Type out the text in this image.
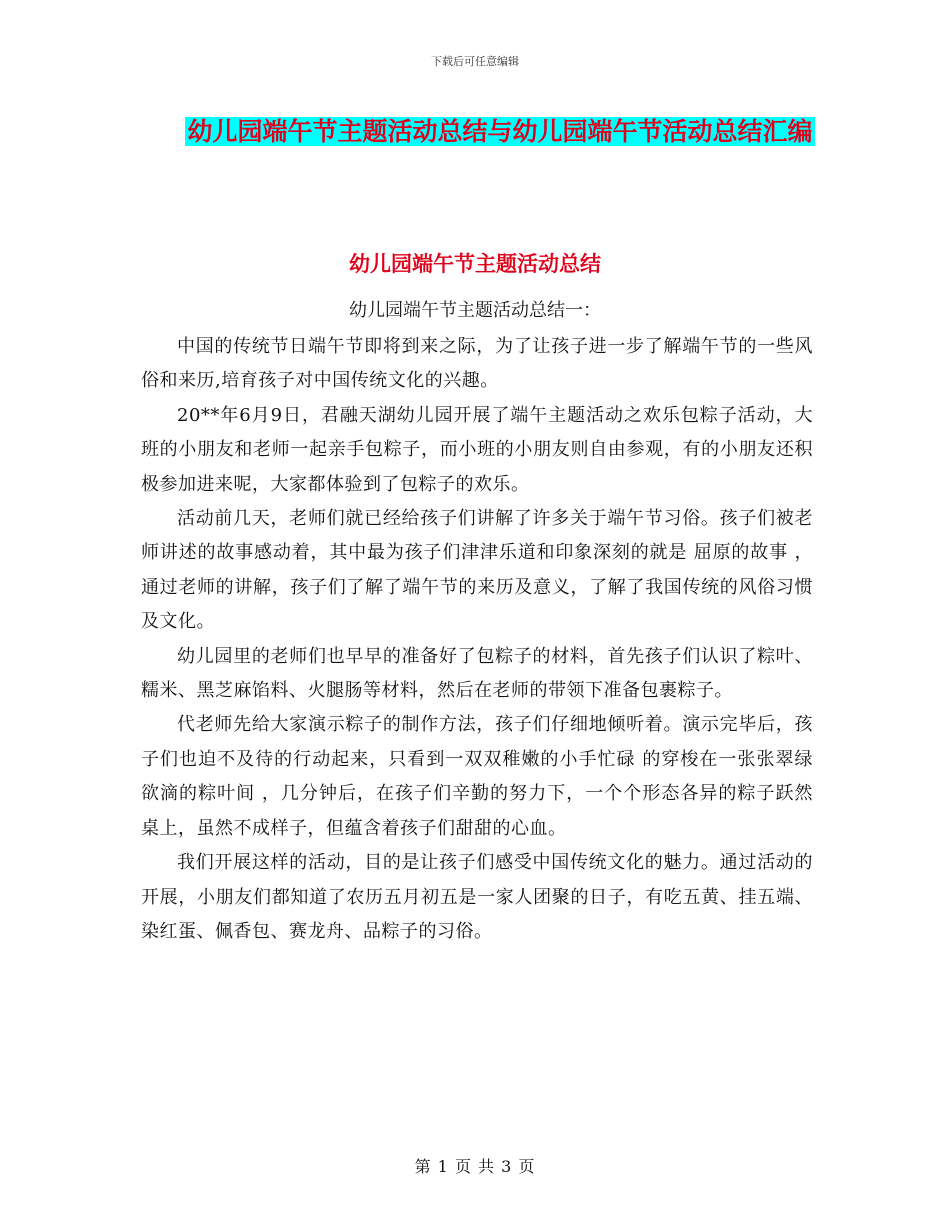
下载后可任意编辑
幼儿园端午节主题活动总结与幼儿园端午节活动总结汇编
幼儿园端午节主题活动总结
幼儿园端午节主题活动总结一：

中国的传统节日端午节即将到来之际，为了让孩子进一步了解端午节的一些风俗和来历,培育孩子对中国传统文化的兴趣。

20**年6月9日，君融天湖幼儿园开展了端午主题活动之欢乐包粽子活动，大班的小朋友和老师一起亲手包粽子，而小班的小朋友则自由参观，有的小朋友还积极参加进来呢，大家都体验到了包粽子的欢乐。

活动前几天，老师们就已经给孩子们讲解了许多关于端午节习俗。孩子们被老师讲述的故事感动着，其中最为孩子们津津乐道和印象深刻的就是 屈原的故事 ，通过老师的讲解，孩子们了解了端午节的来历及意义，了解了我国传统的风俗习惯及文化。

幼儿园里的老师们也早早的准备好了包粽子的材料，首先孩子们认识了粽叶、糯米、黑芝麻馅料、火腿肠等材料，然后在老师的带领下准备包裹粽子。

代老师先给大家演示粽子的制作方法，孩子们仔细地倾听着。演示完毕后，孩子们也迫不及待的行动起来，只看到一双双稚嫩的小手忙碌 的穿梭在一张张翠绿欲滴的粽叶间 ，几分钟后，在孩子们辛勤的努力下，一个个形态各异的粽子跃然桌上，虽然不成样子，但蕴含着孩子们甜甜的心血。

我们开展这样的活动，目的是让孩子们感受中国传统文化的魅力。通过活动的开展，小朋友们都知道了农历五月初五是一家人团聚的日子，有吃五黄、挂五端、染红蛋、佩香包、赛龙舟、品粽子的习俗。

第 1 页 共 3 页
